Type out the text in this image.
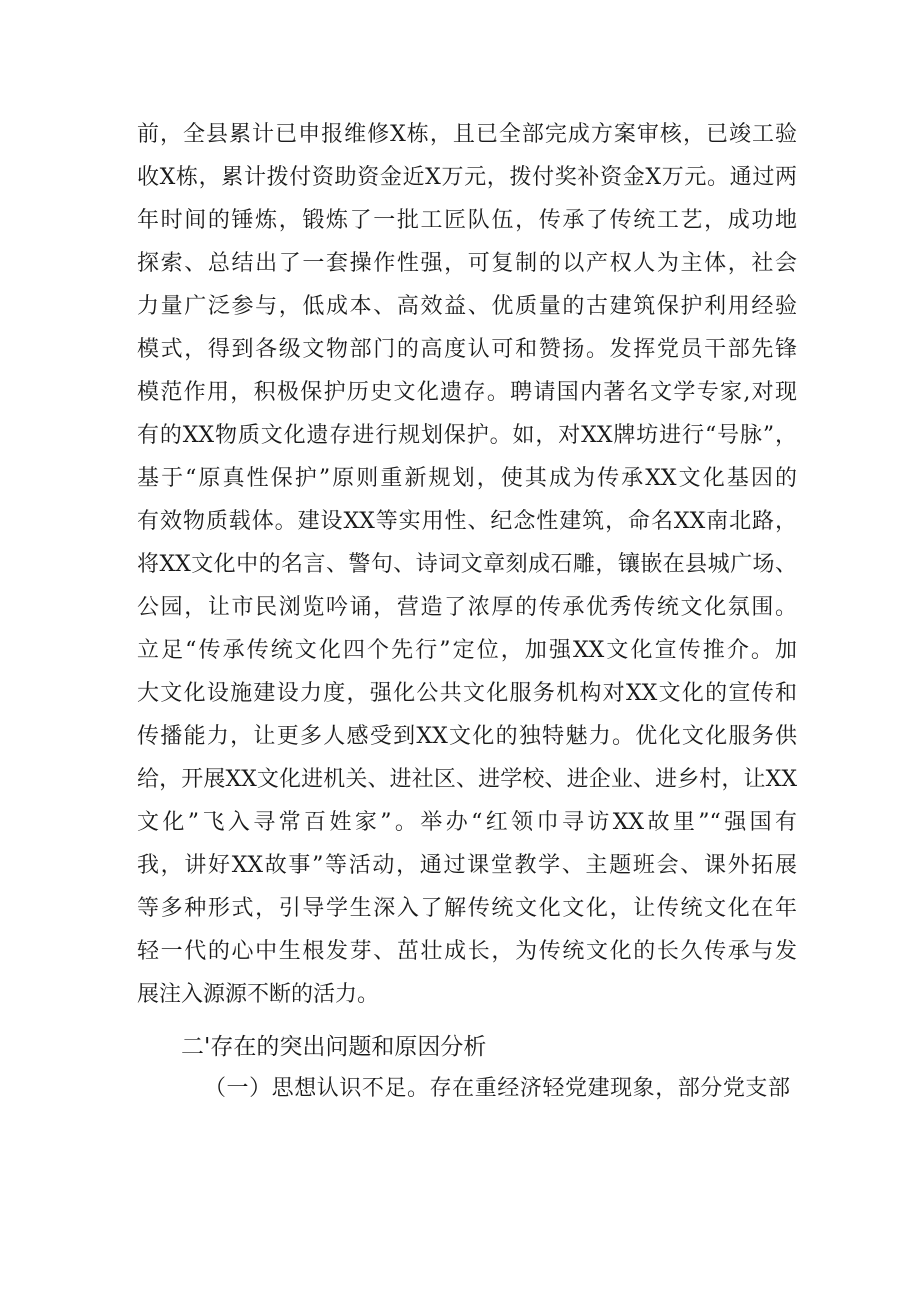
前，全县累计已申报维修X栋，且已全部完成方案审核，已竣工验
收X栋，累计拨付资助资金近X万元，拨付奖补资金X万元。通过两
年时间的锤炼，锻炼了一批工匠队伍，传承了传统工艺，成功地
探索、总结出了一套操作性强，可复制的以产权人为主体，社会
力量广泛参与，低成本、高效益、优质量的古建筑保护利用经验
模式，得到各级文物部门的高度认可和赞扬。发挥党员干部先锋
模范作用，积极保护历史文化遗存。聘请国内著名文学专家,对现
有的XX物质文化遗存进行规划保护。如，对XX牌坊进行“号脉”，
基于“原真性保护”原则重新规划，使其成为传承XX文化基因的
有效物质载体。建设XX等实用性、纪念性建筑，命名XX南北路，
将XX文化中的名言、警句、诗词文章刻成石雕，镶嵌在县城广场、
公园，让市民浏览吟诵，营造了浓厚的传承优秀传统文化氛围。
立足“传承传统文化四个先行”定位，加强XX文化宣传推介。加
大文化设施建设力度，强化公共文化服务机构对XX文化的宣传和
传播能力，让更多人感受到XX文化的独特魅力。优化文化服务供
给，开展XX文化进机关、进社区、进学校、进企业、进乡村，让XX
文化”飞入寻常百姓家”。举办“红领巾寻访XX故里”“强国有
我，讲好XX故事”等活动，通过课堂教学、主题班会、课外拓展
等多种形式，引导学生深入了解传统文化文化，让传统文化在年
轻一代的心中生根发芽、茁壮成长，为传统文化的长久传承与发
展注入源源不断的活力。
二'存在的突出问题和原因分析
（一）思想认识不足。存在重经济轻党建现象，部分党支部
